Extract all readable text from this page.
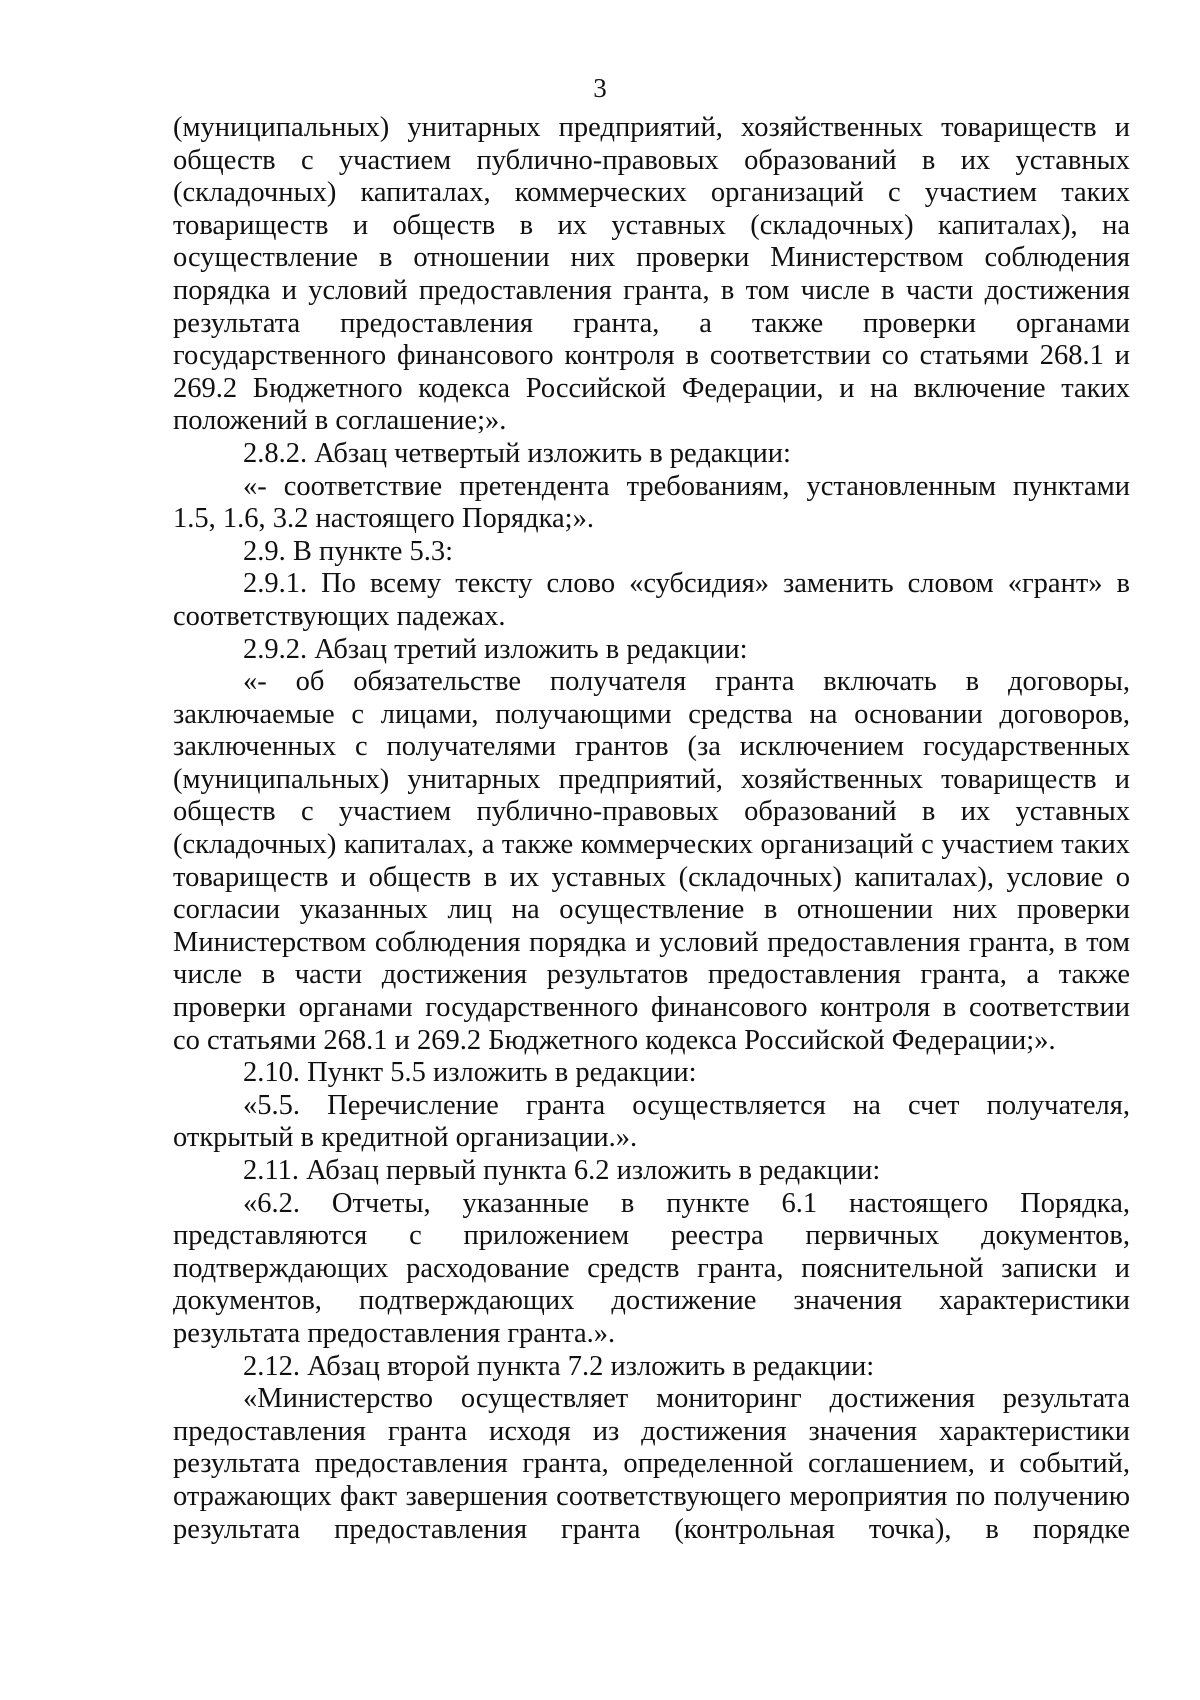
3

(муниципальных) унитарных предприятий, хозяйственных товариществ и обществ с участием публично-правовых образований в их уставных (складочных) капиталах, коммерческих организаций с участием таких товариществ и обществ в их уставных (складочных) капиталах), на осуществление в отношении них проверки Министерством соблюдения порядка и условий предоставления гранта, в том числе в части достижения результата предоставления гранта, а также проверки органами государственного финансового контроля в соответствии со статьями 268.1 и 269.2 Бюджетного кодекса Российской Федерации, и на включение таких положений в соглашение;».

2.8.2. Абзац четвертый изложить в редакции:

«- соответствие претендента требованиям, установленным пунктами 1.5, 1.6, 3.2 настоящего Порядка;».

2.9. В пункте 5.3:

2.9.1. По всему тексту слово «субсидия» заменить словом «грант» в соответствующих падежах.

2.9.2. Абзац третий изложить в редакции:

«- об обязательстве получателя гранта включать в договоры, заключаемые с лицами, получающими средства на основании договоров, заключенных с получателями грантов (за исключением государственных (муниципальных) унитарных предприятий, хозяйственных товариществ и обществ с участием публично-правовых образований в их уставных (складочных) капиталах, а также коммерческих организаций с участием таких товариществ и обществ в их уставных (складочных) капиталах), условие о согласии указанных лиц на осуществление в отношении них проверки Министерством соблюдения порядка и условий предоставления гранта, в том числе в части достижения результатов предоставления гранта, а также проверки органами государственного финансового контроля в соответствии со статьями 268.1 и 269.2 Бюджетного кодекса Российской Федерации;».

2.10. Пункт 5.5 изложить в редакции:

«5.5. Перечисление гранта осуществляется на счет получателя, открытый в кредитной организации.».

2.11. Абзац первый пункта 6.2 изложить в редакции:

«6.2. Отчеты, указанные в пункте 6.1 настоящего Порядка, представляются с приложением реестра первичных документов, подтверждающих расходование средств гранта, пояснительной записки и документов, подтверждающих достижение значения характеристики результата предоставления гранта.».

2.12. Абзац второй пункта 7.2 изложить в редакции:

«Министерство осуществляет мониторинг достижения результата предоставления гранта исходя из достижения значения характеристики результата предоставления гранта, определенной соглашением, и событий, отражающих факт завершения соответствующего мероприятия по получению результата предоставления гранта (контрольная точка), в порядке
